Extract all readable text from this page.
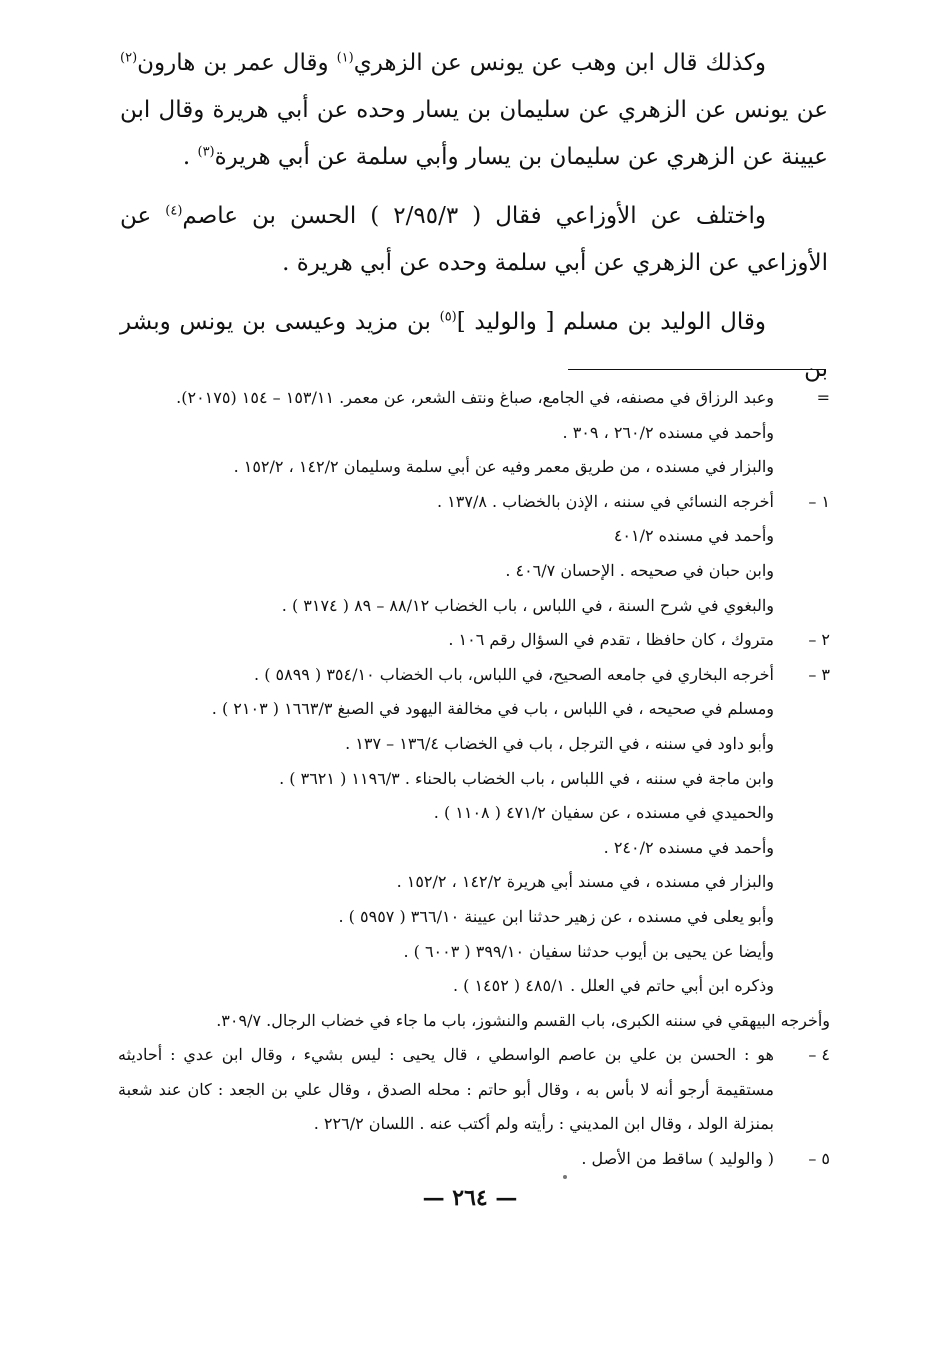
وكذلك قال ابن وهب عن يونس عن الزهري$^{(١)}$ وقال عمر بن هارون$^{(٢)}$ عن يونس عن الزهري عن سليمان بن يسار وحده عن أبي هريرة وقال ابن عيينة عن الزهري عن سليمان بن يسار وأبي سلمة عن أبي هريرة$^{(٣)}$ .

واختلف عن الأوزاعي فقال ( ٢/٩٥/٣ ) الحسن بن عاصم$^{(٤)}$ عن الأوزاعي عن الزهري عن أبي سلمة وحده عن أبي هريرة .

وقال الوليد بن مسلم [ والوليد ]$^{(٥)}$ بن مزيد وعيسى بن يونس وبشر بن

=
وعبد الرزاق في مصنفه، في الجامع، صباغ ونتف الشعر، عن معمر. ١٥٣/١١ – ١٥٤ (٢٠١٧٥).
وأحمد في مسنده ٢٦٠/٢ ، ٣٠٩ .
والبزار في مسنده ، من طريق معمر وفيه عن أبي سلمة وسليمان ١٤٢/٢ ، ١٥٢/٢ .
١ –
أخرجه النسائي في سننه ، الإذن بالخضاب . ١٣٧/٨ .
وأحمد في مسنده ٤٠١/٢
وابن حبان في صحيحه . الإحسان ٤٠٦/٧ .
والبغوي في شرح السنة ، في اللباس ، باب الخضاب ٨٨/١٢ – ٨٩ ( ٣١٧٤ ) .
٢ –
متروك ، كان حافظا ، تقدم في السؤال رقم ١٠٦ .
٣ –
أخرجه البخاري في جامعه الصحيح، في اللباس، باب الخضاب ٣٥٤/١٠ ( ٥٨٩٩ ) .
ومسلم في صحيحه ، في اللباس ، باب في مخالفة اليهود في الصبغ ١٦٦٣/٣ ( ٢١٠٣ ) .
وأبو داود في سننه ، في الترجل ، باب في الخضاب ١٣٦/٤ – ١٣٧ .
وابن ماجة في سننه ، في اللباس ، باب الخضاب بالحناء . ١١٩٦/٣ ( ٣٦٢١ ) .
والحميدي في مسنده ، عن سفيان ٤٧١/٢ ( ١١٠٨ ) .
وأحمد في مسنده ٢٤٠/٢ .
والبزار في مسنده ، في مسند أبي هريرة ١٤٢/٢ ، ١٥٢/٢ .
وأبو يعلى في مسنده ، عن زهير حدثنا ابن عيينة ٣٦٦/١٠ ( ٥٩٥٧ ) .
وأيضا عن يحيى بن أيوب حدثنا سفيان ٣٩٩/١٠ ( ٦٠٠٣ ) .
وذكره ابن أبي حاتم في العلل . ٤٨٥/١ ( ١٤٥٢ ) .
وأخرجه البيهقي في سننه الكبرى، باب القسم والنشوز، باب ما جاء في خضاب الرجال. ٣٠٩/٧.
٤ –
هو : الحسن بن علي بن عاصم الواسطي ، قال يحيى : ليس بشيء ، وقال ابن عدي : أحاديثه مستقيمة أرجو أنه لا بأس به ، وقال أبو حاتم : محله الصدق ، وقال علي بن الجعد : كان عند شعبة بمنزلة الولد ، وقال ابن المديني : رأيته ولم أكتب عنه . اللسان ٢٢٦/٢ .
٥ –
( والوليد ) ساقط من الأصل .
— ٢٦٤ —
